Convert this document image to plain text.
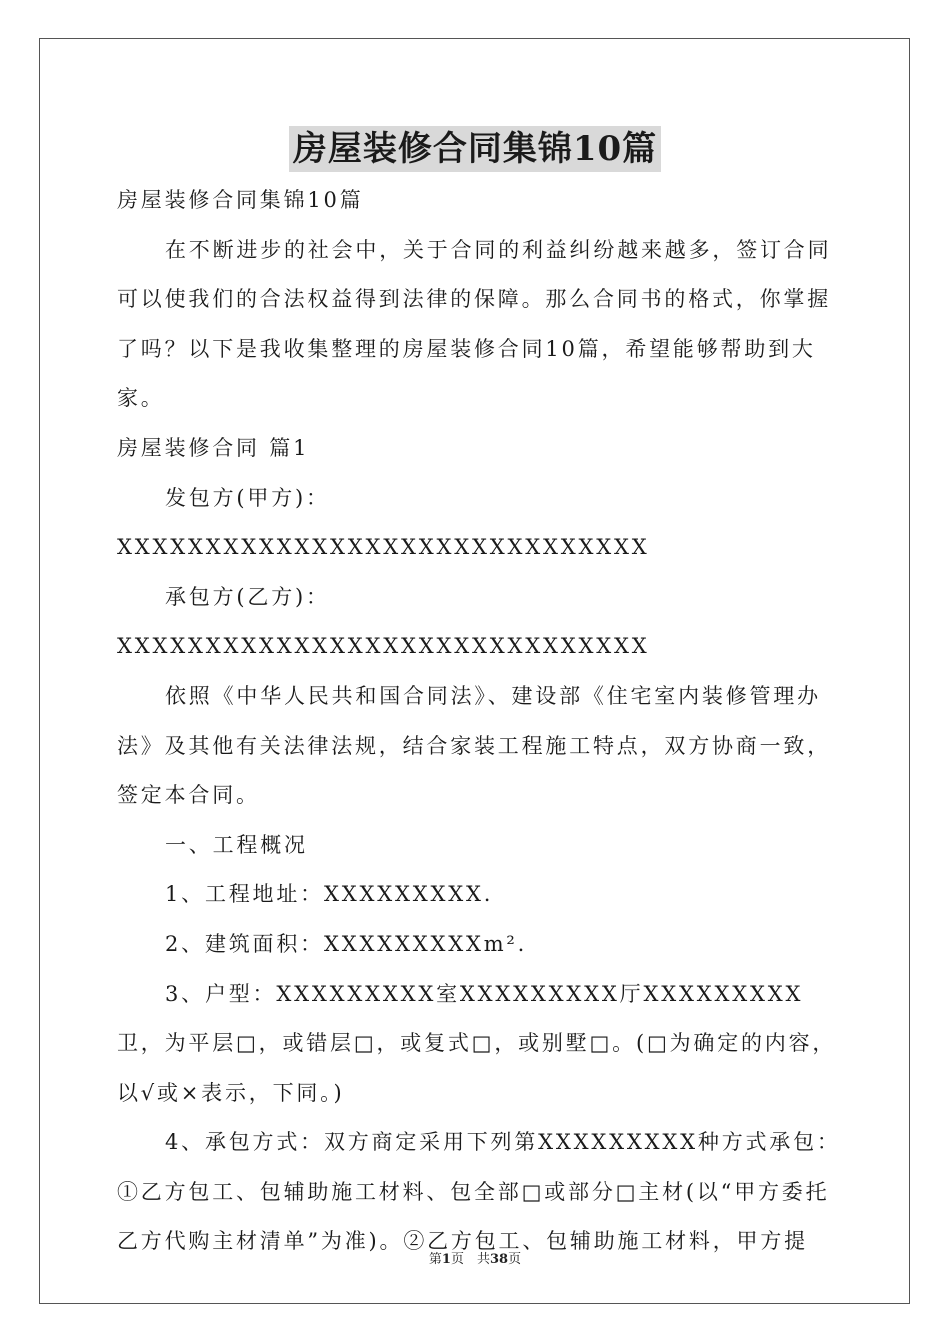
房屋装修合同集锦10篇

房屋装修合同集锦10篇

在不断进步的社会中，关于合同的利益纠纷越来越多，签订合同可以使我们的合法权益得到法律的保障。那么合同书的格式，你掌握了吗？以下是我收集整理的房屋装修合同10篇，希望能够帮助到大家。

房屋装修合同 篇1

发包方(甲方)：XXXXXXXXXXXXXXXXXXXXXXXXXXXXXX

承包方(乙方)：XXXXXXXXXXXXXXXXXXXXXXXXXXXXXX

依照《中华人民共和国合同法》、建设部《住宅室内装修管理办法》及其他有关法律法规，结合家装工程施工特点，双方协商一致，签定本合同。

一、工程概况

1、工程地址：XXXXXXXXX.

2、建筑面积：XXXXXXXXXm².

3、户型：XXXXXXXXX室XXXXXXXXX厅XXXXXXXXX卫，为平层□，或错层□，或复式□，或别墅□。(□为确定的内容，以√或×表示，下同。)

4、承包方式：双方商定采用下列第XXXXXXXXX种方式承包：①乙方包工、包辅助施工材料、包全部□或部分□主材(以“甲方委托乙方代购主材清单”为准)。②乙方包工、包辅助施工材料，甲方提

第1页　共38页
